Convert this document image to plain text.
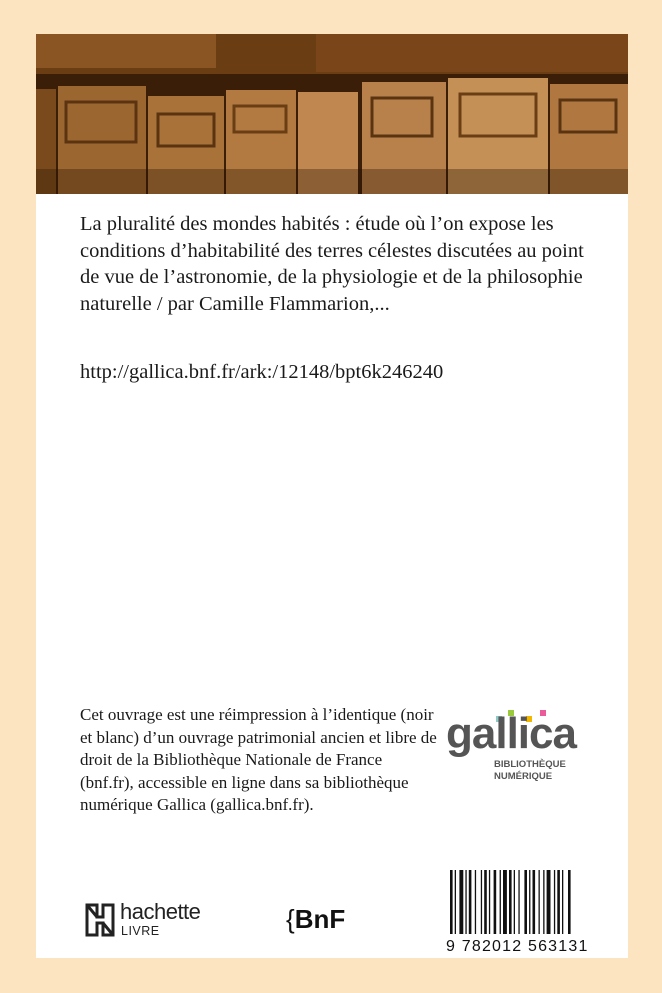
La pluralité des mondes habités : étude où l’on expose les conditions d’habitabilité des terres célestes discutées au point de vue de l’astronomie, de la physiologie et de la philosophie naturelle / par Camille Flammarion,...

http://gallica.bnf.fr/ark:/12148/bpt6k246240
Cet ouvrage est une réimpression à l’identique (noir et blanc) d’un ouvrage patrimonial ancien et libre de droit de la Bibliothèque Nationale de France (bnf.fr), accessible en ligne dans sa bibliothèque numérique Gallica (gallica.bnf.fr).
gallica
BIBLIOTHÈQUE
NUMÉRIQUE
hachette
LIVRE	{BnF
9 782012 563131
